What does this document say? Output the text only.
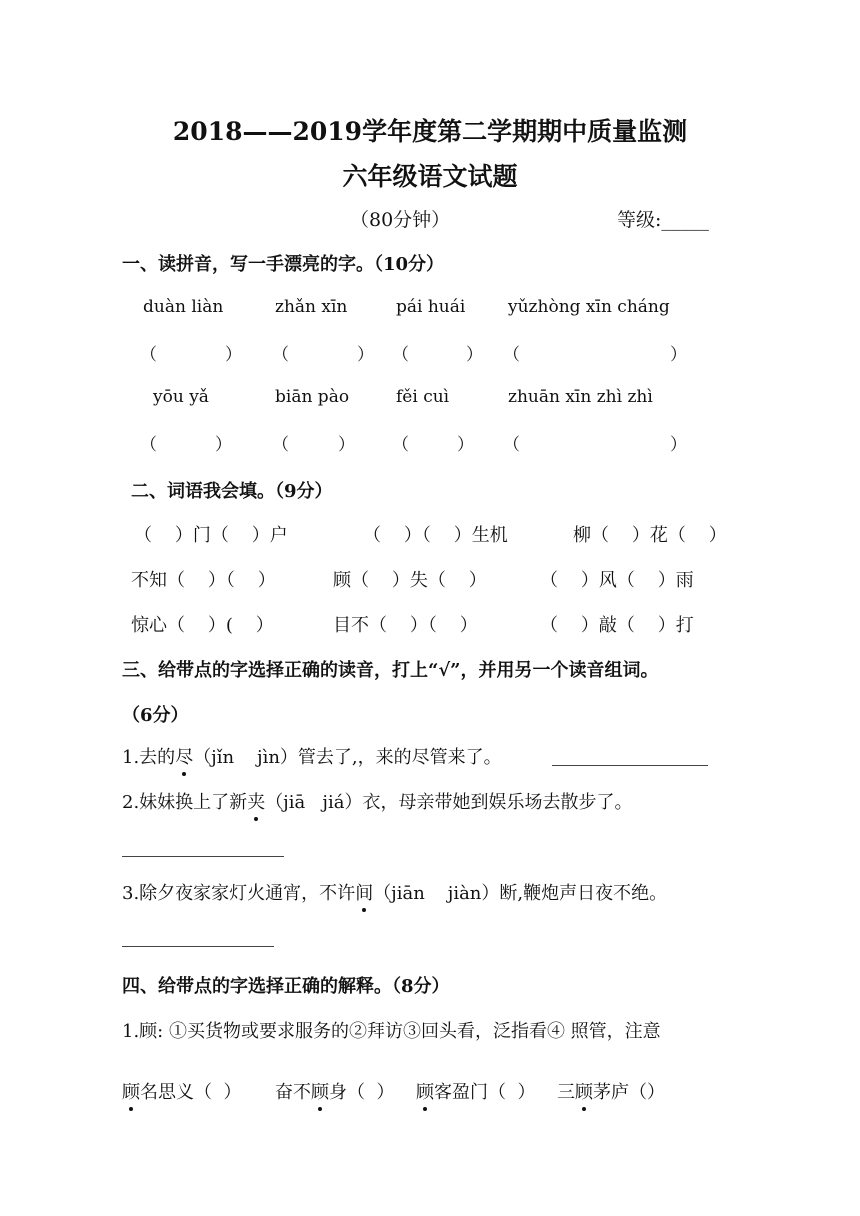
2018——2019学年度第二学期期中质量监测
六年级语文试题
（80分钟）	等级:_____
一、读拼音，写一手漂亮的字。（10分）
duàn liàn	zhǎn xīn	pái huái	yǔzhòng xīn cháng
（	） （	） （	） （	）
yōu yǎ	biān pào	fěi cuì	zhuān xīn zhì zhì
（	） （	） （	） （	）
二、词语我会填。（9分）
（    ）门（    ）户	（    ）（    ）生机	柳（    ）花（    ）
不知（    ）（    ）	顾（    ）失（    ）	（    ）风（    ）雨
惊心（    ）(    ）	目不（    ）（    ）	（    ）敲（    ）打
三、给带点的字选择正确的读音，打上“√”，并用另一个读音组词。
（6分）
1.去的尽（jǐn    jìn）管去了,，来的尽管来了。
2.妹妹换上了新夹（jiā   jiá）衣，母亲带她到娱乐场去散步了。
3.除夕夜家家灯火通宵，不许间（jiān    jiàn）断,鞭炮声日夜不绝。
四、给带点的字选择正确的解释。（8分）
1.顾: ①买货物或要求服务的②拜访③回头看，泛指看④ 照管，注意
顾名思义（  ） 奋不顾身（  ） 顾客盈门（  ） 三顾茅庐（）
